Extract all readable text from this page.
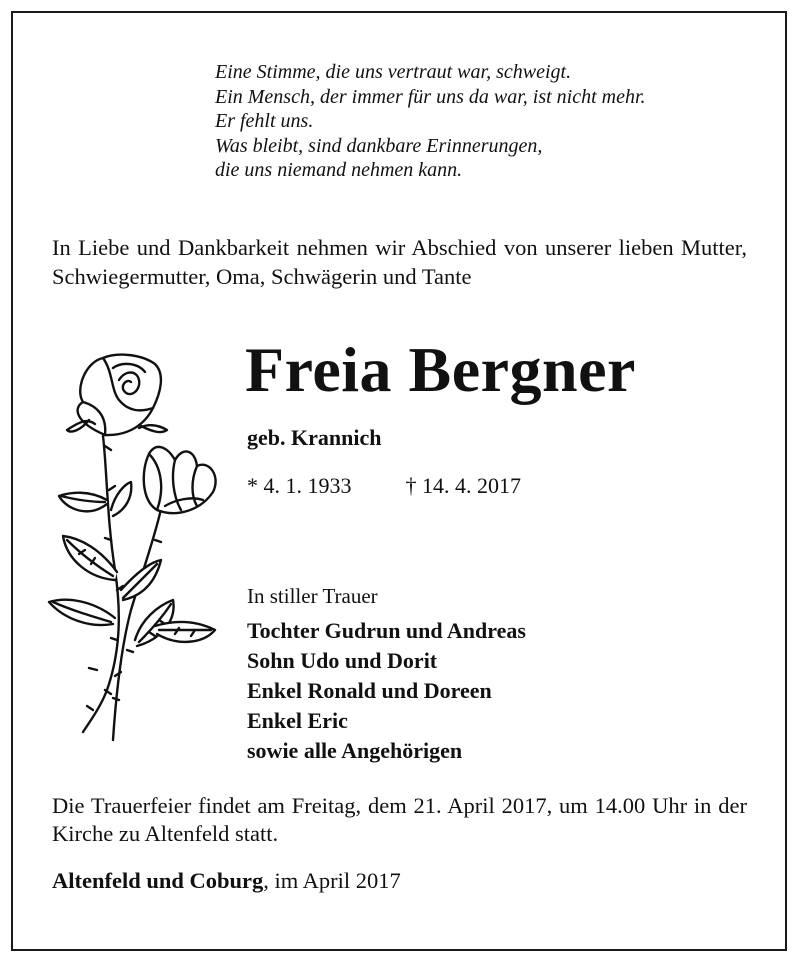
Eine Stimme, die uns vertraut war, schweigt.
Ein Mensch, der immer für uns da war, ist nicht mehr.
Er fehlt uns.
Was bleibt, sind dankbare Erinnerungen,
die uns niemand nehmen kann.
In Liebe und Dankbarkeit nehmen wir Abschied von unserer lieben Mutter, Schwiegermutter, Oma, Schwägerin und Tante
Freia Bergner
geb. Krannich
* 4. 1. 1933 † 14. 4. 2017
In stiller Trauer
Tochter Gudrun und Andreas
Sohn Udo und Dorit
Enkel Ronald und Doreen
Enkel Eric
sowie alle Angehörigen
Die Trauerfeier findet am Freitag, dem 21. April 2017, um 14.00 Uhr in der Kirche zu Altenfeld statt.
Altenfeld und Coburg, im April 2017
